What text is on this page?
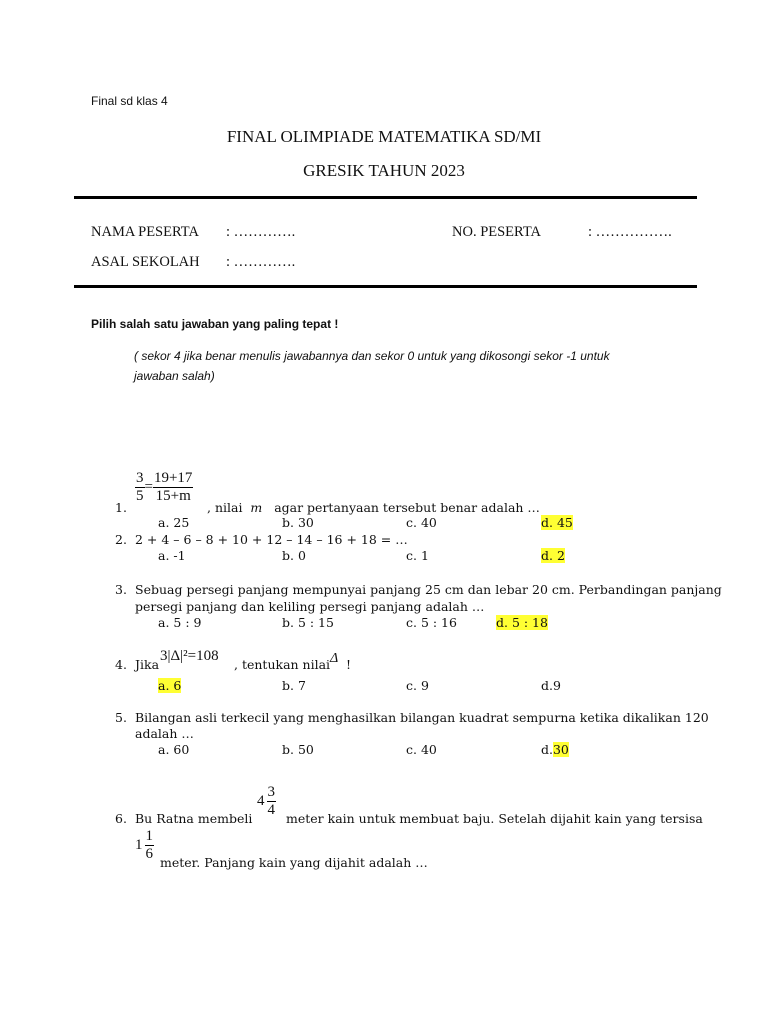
Final sd klas 4
FINAL OLIMPIADE MATEMATIKA SD/MI
GRESIK TAHUN 2023
NAMA PESERTA : ………….	NO. PESERTA	: …………….
ASAL SEKOLAH : ………….
Pilih salah satu jawaban yang paling tepat !
( sekor 4 jika benar menulis jawabannya dan sekor 0 untuk yang dikosongi sekor -1 untuk
jawaban salah)
1.
$\frac{3}{5} = \frac{19+17}{15+m}$
, nilai m agar pertanyaan tersebut benar adalah …
a. 25	b. 30	c. 40	d. 45
2. 2 + 4 – 6 – 8 + 10 + 12 – 14 – 16 + 18 = …
a. -1	b. 0	c. 1	d. 2
3. Sebuag persegi panjang mempunyai panjang 25 cm dan lebar 20 cm. Perbandingan panjang
persegi panjang dan keliling persegi panjang adalah …
a. 5 : 9	b. 5 : 15	c. 5 : 16	d. 5 : 18
4. Jika
3|Δ|²=108
, tentukan nilai Δ !
a. 6	b. 7	c. 9	d.9
5. Bilangan asli terkecil yang menghasilkan bilangan kuadrat sempurna ketika dikalikan 120
adalah …
a. 60	b. 50	c. 40	d.30
6. Bu Ratna membeli
$4 \frac{3}{4}$ meter kain untuk membuat baju. Setelah dijahit kain yang tersisa
$1 \frac{1}{6}$ meter. Panjang kain yang dijahit adalah …
